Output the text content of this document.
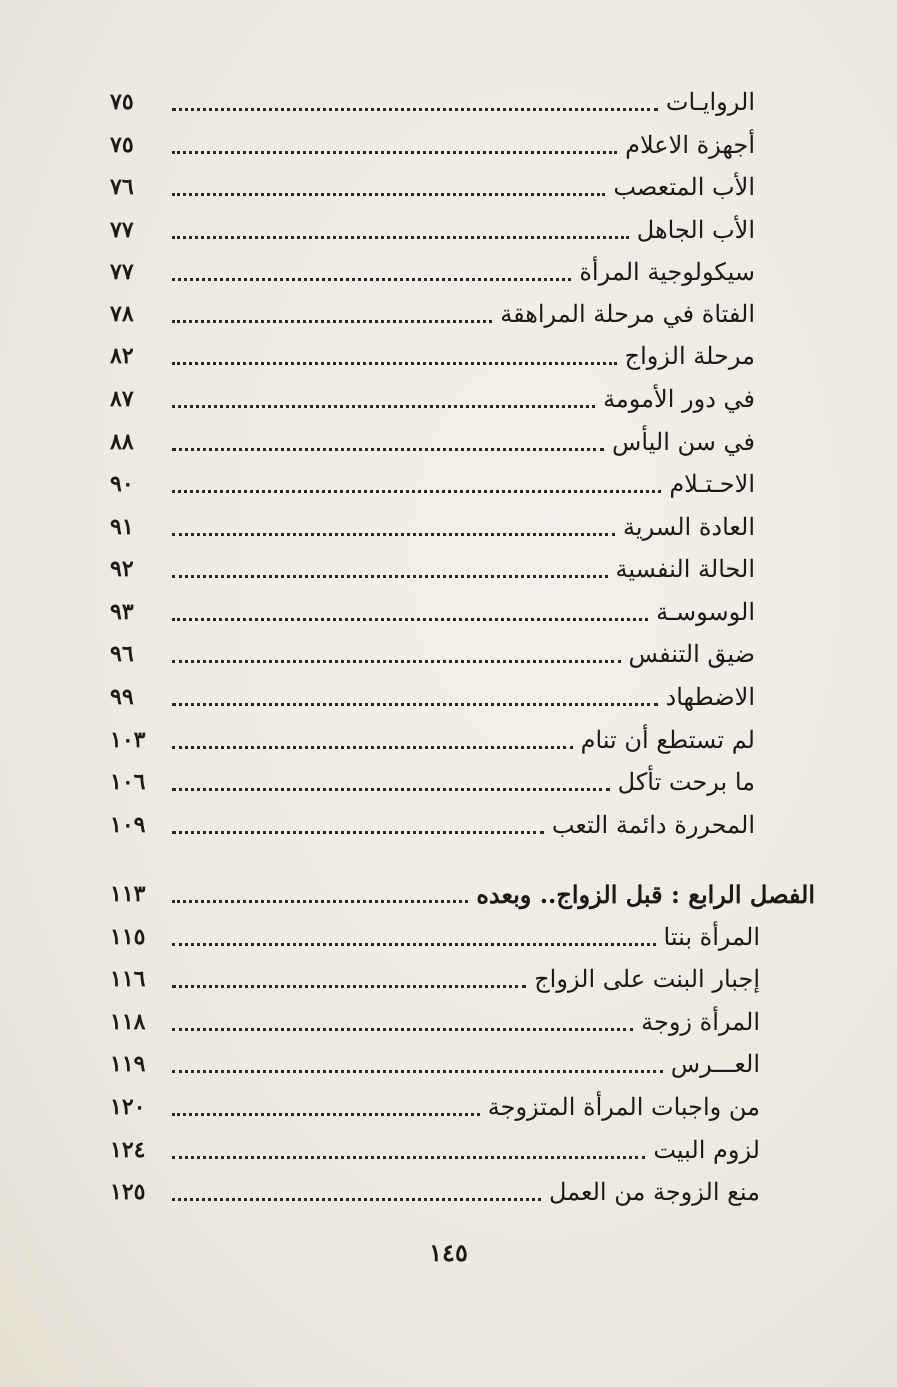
الروايـات
٧٥
أجهزة الاعلام
٧٥
الأب المتعصب
٧٦
الأب الجاهل
٧٧
سيكولوجية المرأة
٧٧
الفتاة في مرحلة المراهقة
٧٨
مرحلة الزواج
٨٢
في دور الأمومة
٨٧
في سن اليأس
٨٨
الاحـتـلام
٩٠
العادة السرية
٩١
الحالة النفسية
٩٢
الوسوسـة
٩٣
ضيق التنفس
٩٦
الاضطهاد
٩٩
لم تستطع أن تنام
١٠٣
ما برحت تأكل
١٠٦
المحررة دائمة التعب
١٠٩
الفصل الرابع : قبل الزواج.. وبعده
١١٣
المرأة بنتا
١١٥
إجبار البنت على الزواج
١١٦
المرأة زوجة
١١٨
العـــرس
١١٩
من واجبات المرأة المتزوجة
١٢٠
لزوم البيت
١٢٤
منع الزوجة من العمل
١٢٥
١٤٥
